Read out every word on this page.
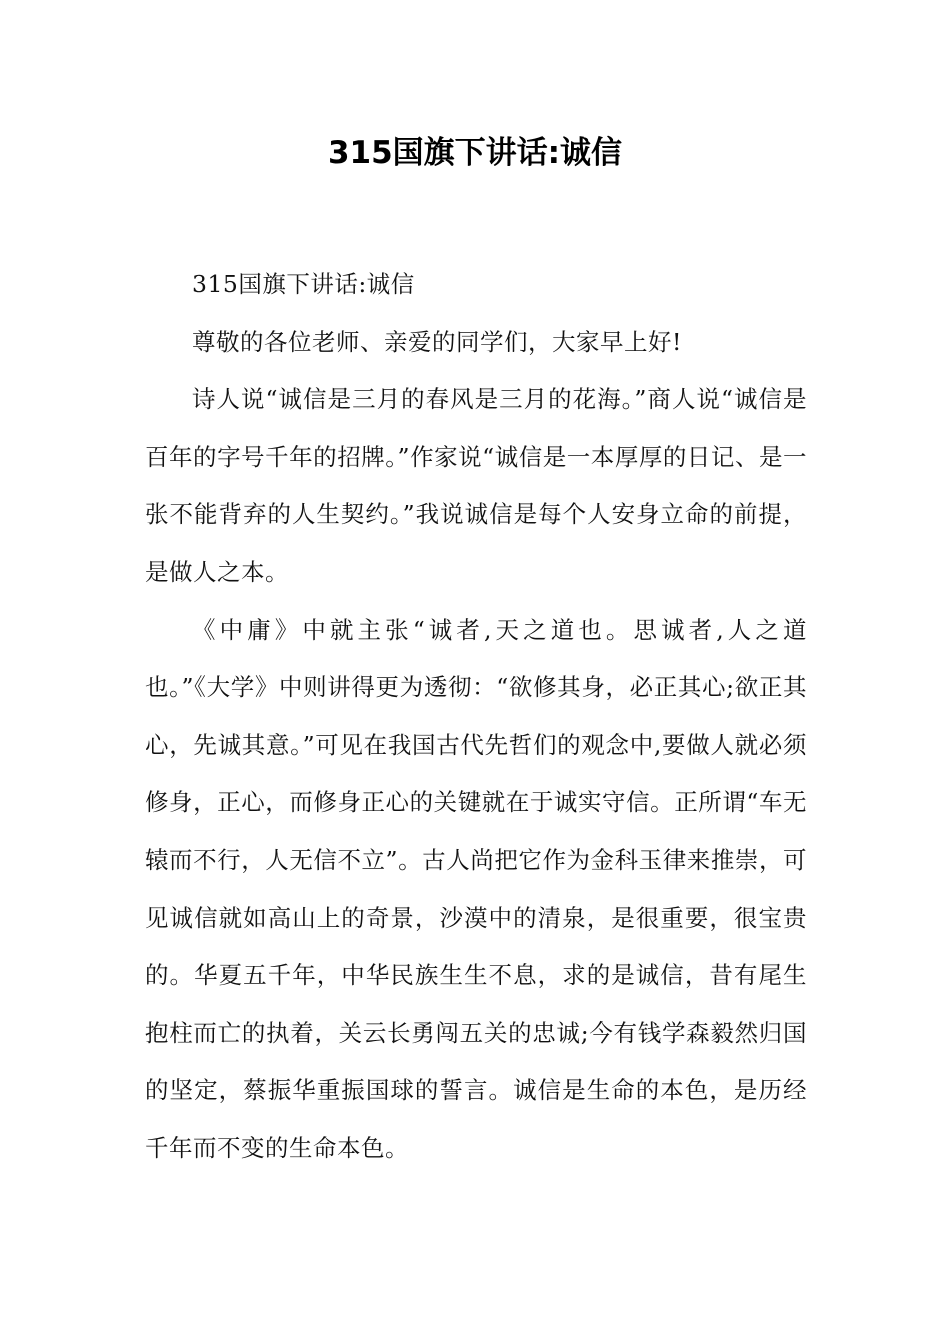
315国旗下讲话:诚信

315国旗下讲话:诚信

尊敬的各位老师、亲爱的同学们，大家早上好!

诗人说“诚信是三月的春风是三月的花海。”商人说“诚信是百年的字号千年的招牌。”作家说“诚信是一本厚厚的日记、是一张不能背弃的人生契约。”我说诚信是每个人安身立命的前提，是做人之本。

《中庸》中就主张“诚者,天之道也。思诚者,人之道也。”《大学》中则讲得更为透彻：“欲修其身，必正其心;欲正其心，先诚其意。”可见在我国古代先哲们的观念中,要做人就必须修身，正心，而修身正心的关键就在于诚实守信。正所谓“车无辕而不行，人无信不立”。古人尚把它作为金科玉律来推崇，可见诚信就如高山上的奇景，沙漠中的清泉，是很重要，很宝贵的。华夏五千年，中华民族生生不息，求的是诚信，昔有尾生抱柱而亡的执着，关云长勇闯五关的忠诚;今有钱学森毅然归国的坚定，蔡振华重振国球的誓言。诚信是生命的本色，是历经千年而不变的生命本色。
